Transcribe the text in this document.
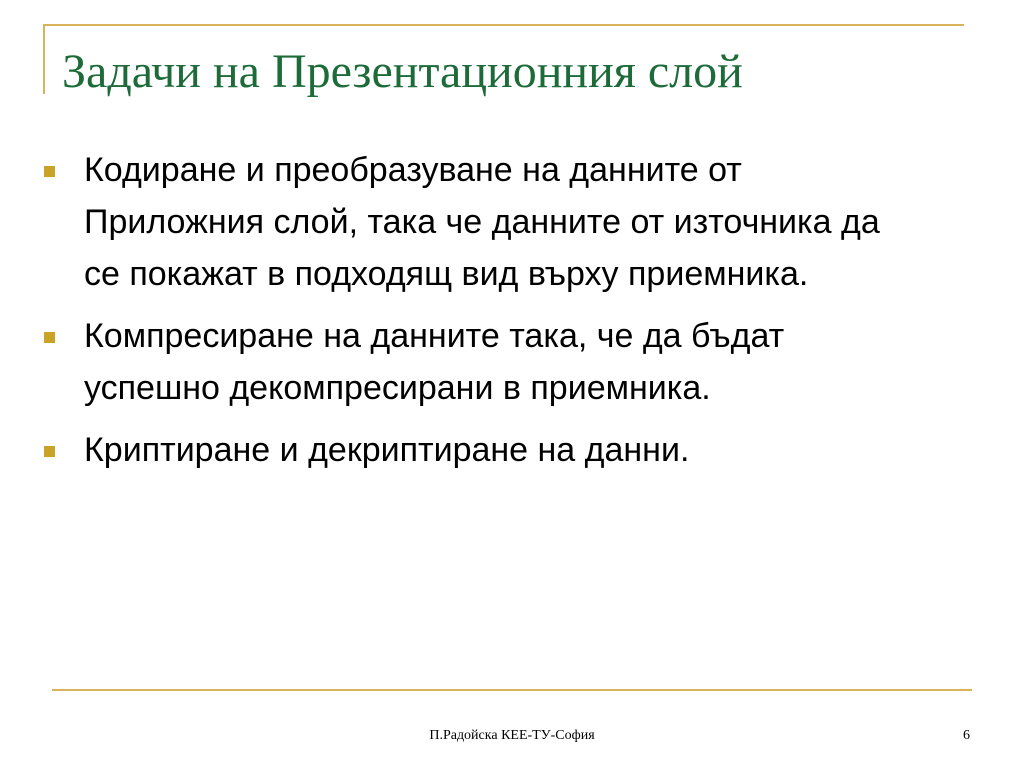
Задачи на Презентационния слой
Кодиране и преобразуване на данните от Приложния слой, така че данните от източника да се покажат в подходящ вид върху приемника.
Компресиране на данните така, че да бъдат успешно декомпресирани в приемника.
Криптиране и декриптиране на данни.
П.Радойска КЕЕ-ТУ-София	6
